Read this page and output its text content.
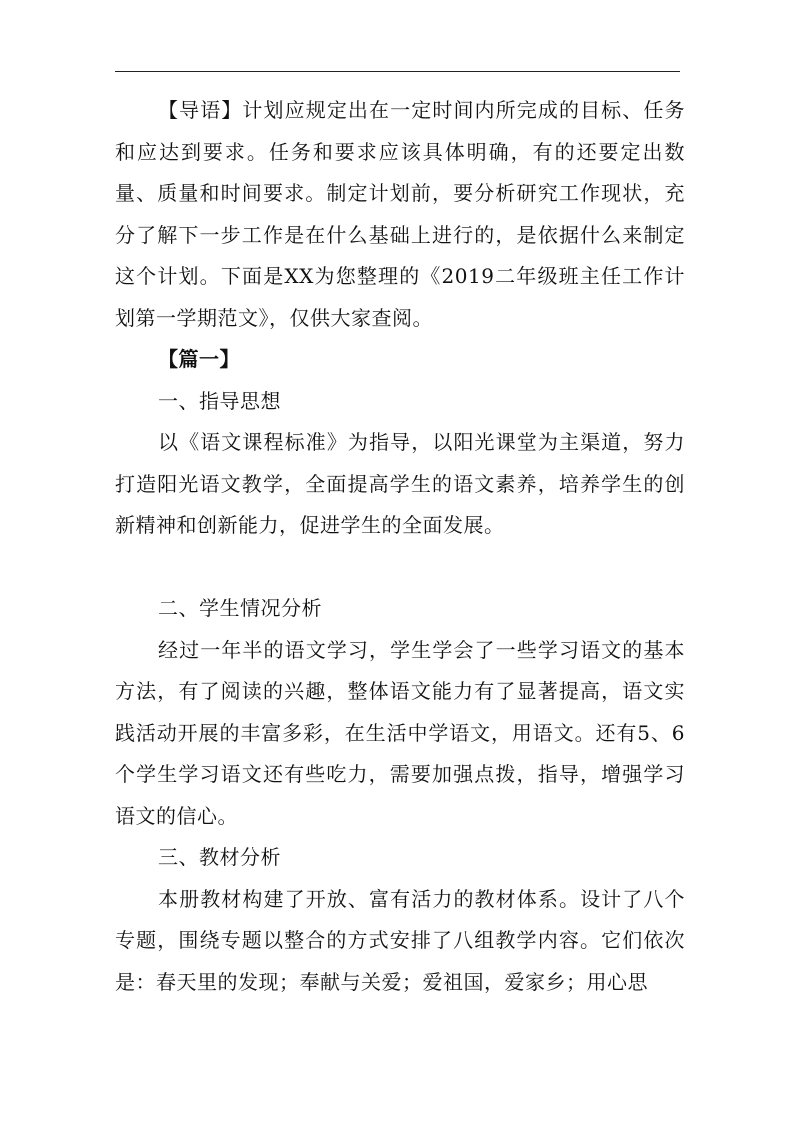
【导语】计划应规定出在一定时间内所完成的目标、任务和应达到要求。任务和要求应该具体明确，有的还要定出数量、质量和时间要求。制定计划前，要分析研究工作现状，充分了解下一步工作是在什么基础上进行的，是依据什么来制定这个计划。下面是XX为您整理的《2019二年级班主任工作计划第一学期范文》，仅供大家查阅。

【篇一】

一、指导思想

以《语文课程标准》为指导，以阳光课堂为主渠道，努力打造阳光语文教学，全面提高学生的语文素养，培养学生的创新精神和创新能力，促进学生的全面发展。

二、学生情况分析

经过一年半的语文学习，学生学会了一些学习语文的基本方法，有了阅读的兴趣，整体语文能力有了显著提高，语文实践活动开展的丰富多彩，在生活中学语文，用语文。还有5、6个学生学习语文还有些吃力，需要加强点拨，指导，增强学习语文的信心。

三、教材分析

本册教材构建了开放、富有活力的教材体系。设计了八个专题，围绕专题以整合的方式安排了八组教学内容。它们依次是：春天里的发现；奉献与关爱；爱祖国，爱家乡；用心思
